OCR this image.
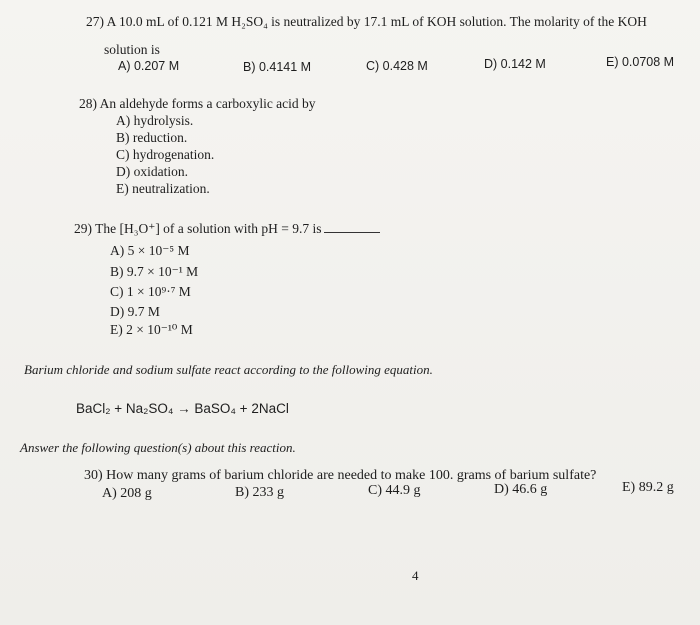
27) A 10.0 mL of 0.121 M H₂SO₄ is neutralized by 17.1 mL of KOH solution. The molarity of the KOH
solution is
A) 0.207 M	B) 0.4141 M	C) 0.428 M	D) 0.142 M	E) 0.0708 M
28) An aldehyde forms a carboxylic acid by
A) hydrolysis.
B) reduction.
C) hydrogenation.
D) oxidation.
E) neutralization.
29) The [H₃O⁺] of a solution with pH = 9.7 is
A) 5 × 10⁻⁵ M
B) 9.7 × 10⁻¹ M
C) 1 × 10⁹·⁷ M
D) 9.7 M
E) 2 × 10⁻¹⁰ M
Barium chloride and sodium sulfate react according to the following equation.
BaCl₂ + Na₂SO₄ → BaSO₄ + 2NaCl
Answer the following question(s) about this reaction.
30) How many grams of barium chloride are needed to make 100. grams of barium sulfate?
A) 208 g	B) 233 g	C) 44.9 g	D) 46.6 g	E) 89.2 g
4
